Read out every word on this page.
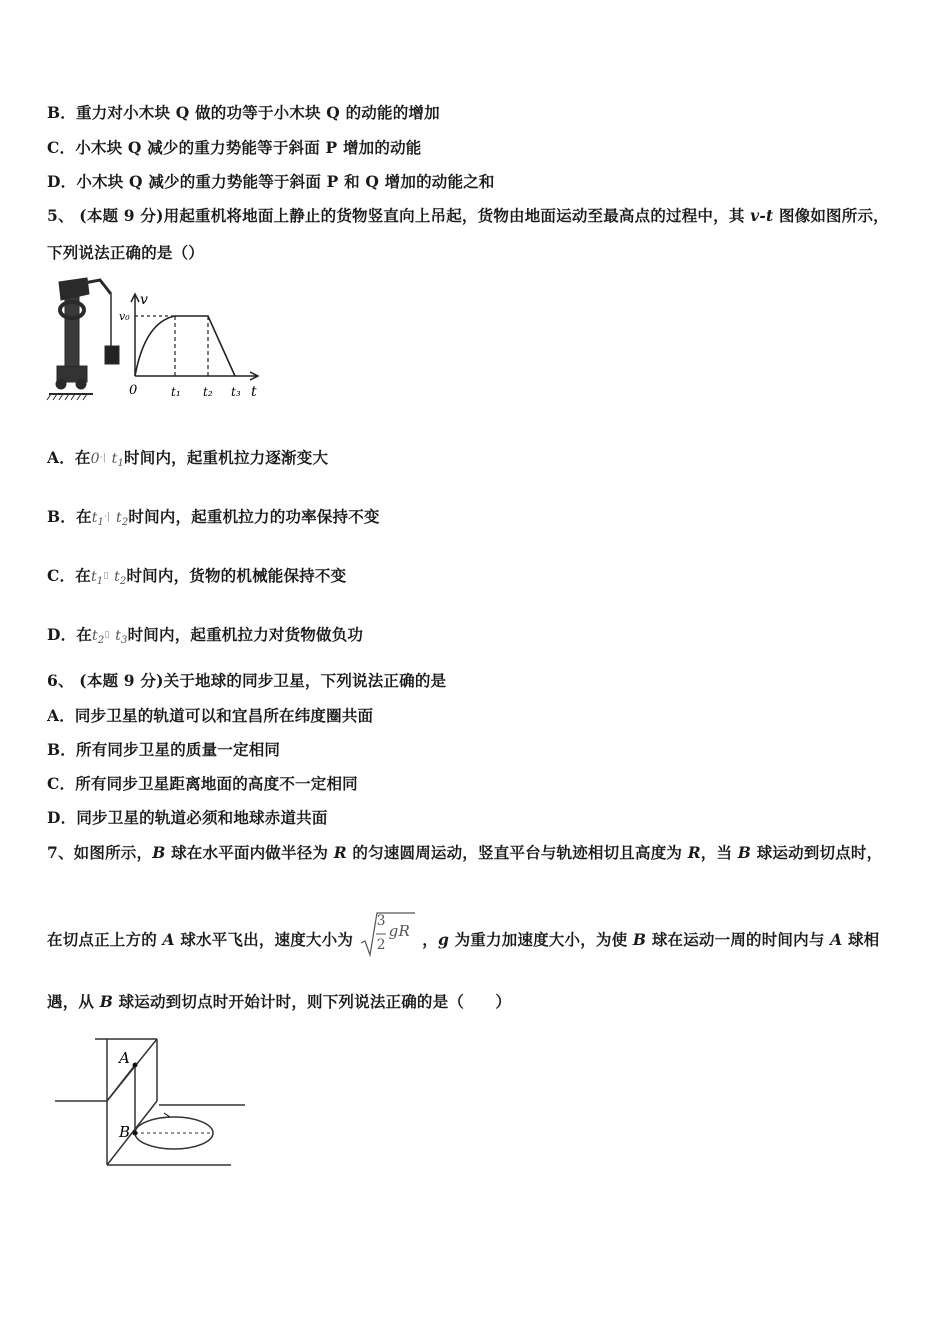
B．重力对小木块 Q 做的功等于小木块 Q 的动能的增加
C．小木块 Q 减少的重力势能等于斜面 P 增加的动能
D．小木块 Q 减少的重力势能等于斜面 P 和 Q 增加的动能之和
5、 (本题 9 分)用起重机将地面上静止的货物竖直向上吊起，货物由地面运动至最高点的过程中，其 v-t 图像如图所示，
下列说法正确的是（）
v
v₀
0	t₁ t₂ t₃ t
A．在0·| $t_1$时间内，起重机拉力逐渐变大
B．在$t_1\cdot|$ $t_2$时间内，起重机拉力的功率保持不变
C．在$t_1▯$ $t_2$时间内，货物的机械能保持不变
D．在$t_2▯$ $t_3$时间内，起重机拉力对货物做负功
6、 (本题 9 分)关于地球的同步卫星，下列说法正确的是
A．同步卫星的轨道可以和宜昌所在纬度圈共面
B．所有同步卫星的质量一定相同
C．所有同步卫星距离地面的高度不一定相同
D．同步卫星的轨道必须和地球赤道共面
7、如图所示，B 球在水平面内做半径为 R 的匀速圆周运动，竖直平台与轨迹相切且高度为 R，当 B 球运动到切点时，
在切点正上方的 A 球水平飞出，速度大小为
3
2
gR ，g 为重力加速度大小，为使 B 球在运动一周的时间内与 A 球相
遇，从 B 球运动到切点时开始计时，则下列说法正确的是（　　）
A
B
